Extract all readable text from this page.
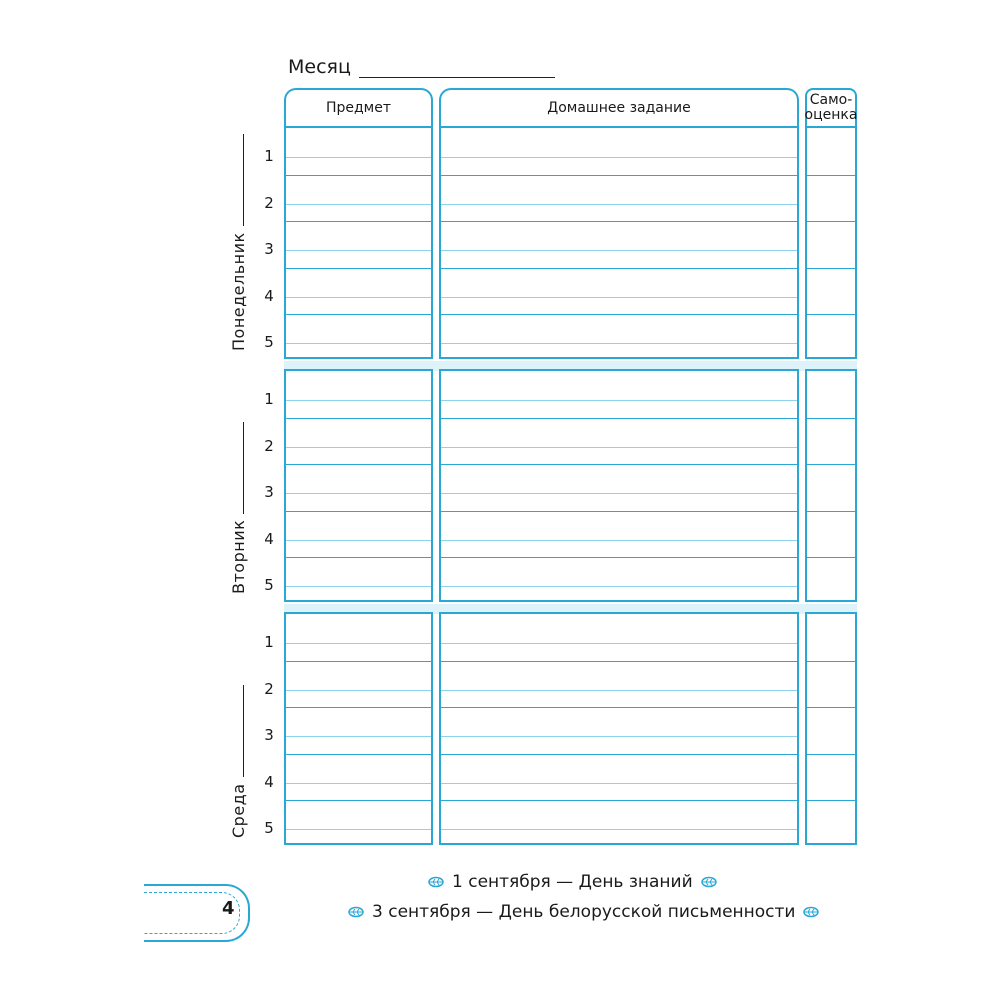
Месяц
Предмет	Домашнее задание	Само-
оценка
1
2
3
4
5
1
2
3
4
5
1
2
3
4
5
Понедельник
Вторник
Среда
1 сентября — День знаний
3 сентября — День белорусской письменности
4
